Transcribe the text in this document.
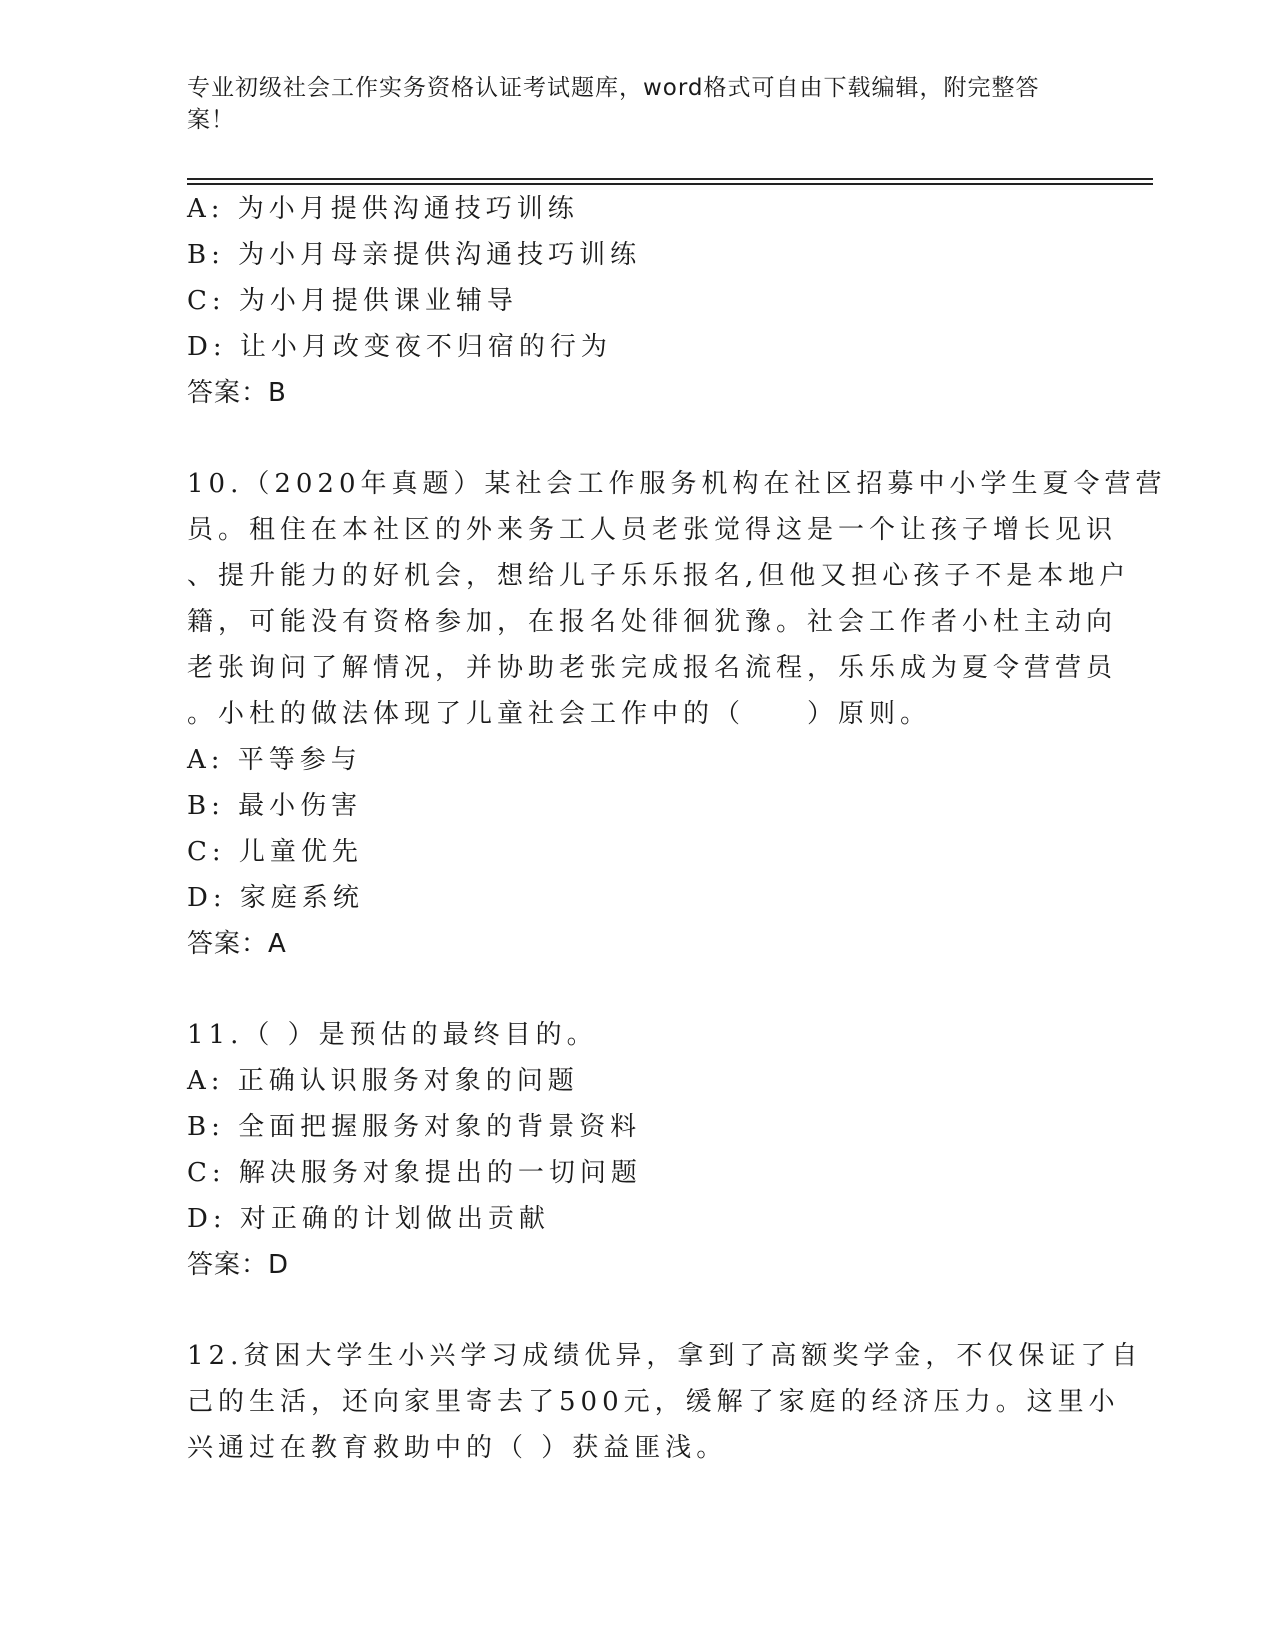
专业初级社会工作实务资格认证考试题库，word格式可自由下载编辑，附完整答
案！
A: 为小月提供沟通技巧训练
B: 为小月母亲提供沟通技巧训练
C: 为小月提供课业辅导
D: 让小月改变夜不归宿的行为
答案：B
10.（2020年真题）某社会工作服务机构在社区招募中小学生夏令营营
员。租住在本社区的外来务工人员老张觉得这是一个让孩子增长见识
、提升能力的好机会，想给儿子乐乐报名,但他又担心孩子不是本地户
籍，可能没有资格参加，在报名处徘徊犹豫。社会工作者小杜主动向
老张询问了解情况，并协助老张完成报名流程，乐乐成为夏令营营员
。小杜的做法体现了儿童社会工作中的（　　）原则。
A: 平等参与
B: 最小伤害
C: 儿童优先
D: 家庭系统
答案：A
11.（ ）是预估的最终目的。
A: 正确认识服务对象的问题
B: 全面把握服务对象的背景资料
C: 解决服务对象提出的一切问题
D: 对正确的计划做出贡献
答案：D
12.贫困大学生小兴学习成绩优异，拿到了高额奖学金，不仅保证了自
己的生活，还向家里寄去了500元，缓解了家庭的经济压力。这里小
兴通过在教育救助中的（ ）获益匪浅。
